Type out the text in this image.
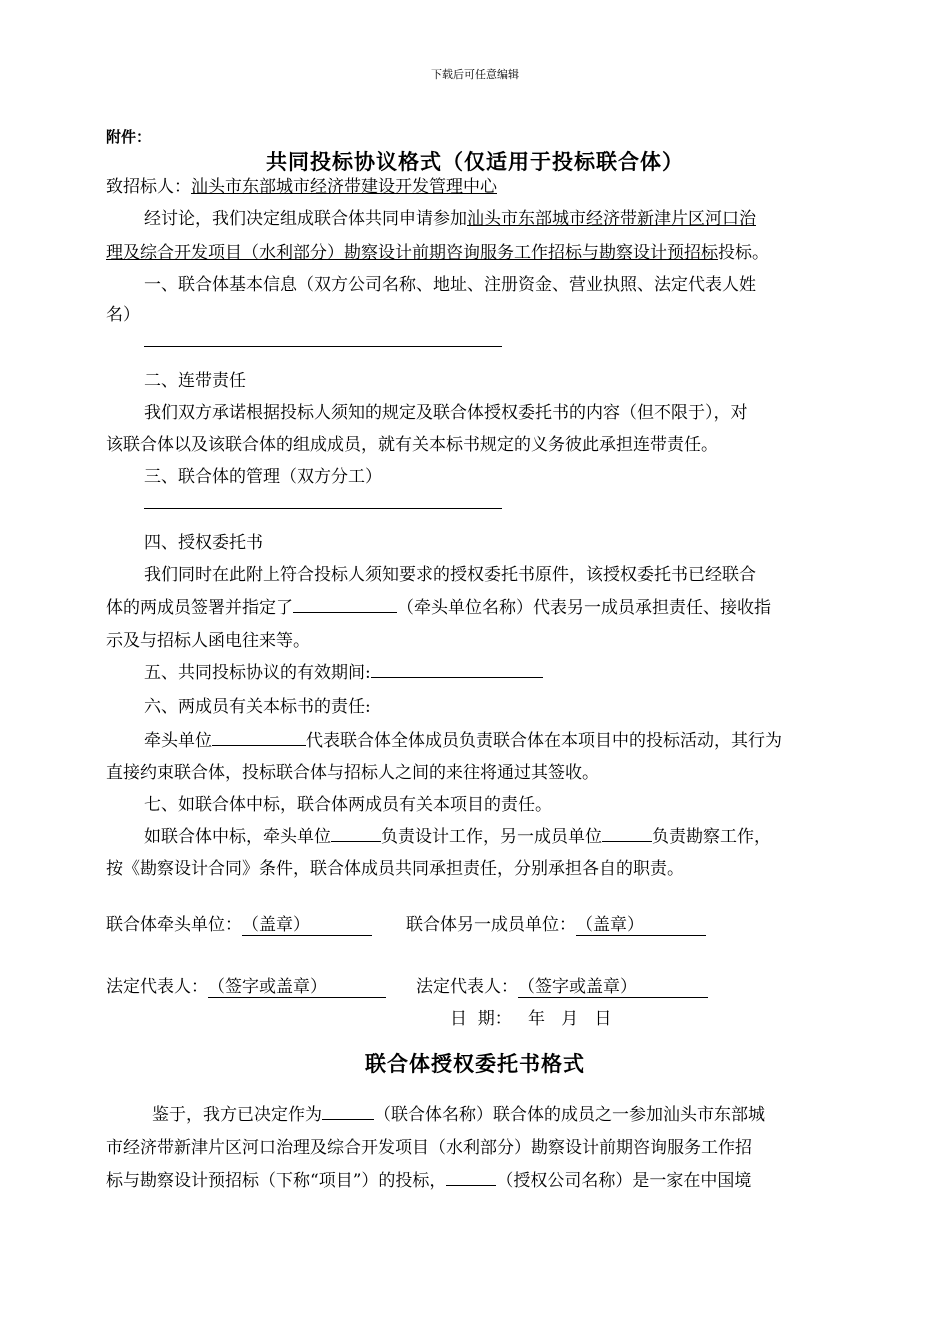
下载后可任意编辑
附件：
共同投标协议格式（仅适用于投标联合体）
致招标人：汕头市东部城市经济带建设开发管理中心
经讨论，我们决定组成联合体共同申请参加汕头市东部城市经济带新津片区河口治
理及综合开发项目（水利部分）勘察设计前期咨询服务工作招标与勘察设计预招标投标。
一、联合体基本信息（双方公司名称、地址、注册资金、营业执照、法定代表人姓
名）
二、连带责任
我们双方承诺根据投标人须知的规定及联合体授权委托书的内容（但不限于），对
该联合体以及该联合体的组成成员，就有关本标书规定的义务彼此承担连带责任。
三、联合体的管理（双方分工）
四、授权委托书
我们同时在此附上符合投标人须知要求的授权委托书原件，该授权委托书已经联合
体的两成员签署并指定了	（牵头单位名称）代表另一成员承担责任、接收指
示及与招标人函电往来等。
五、共同投标协议的有效期间:
六、两成员有关本标书的责任:
牵头单位	代表联合体全体成员负责联合体在本项目中的投标活动，其行为
直接约束联合体，投标联合体与招标人之间的来往将通过其签收。
七、如联合体中标，联合体两成员有关本项目的责任。
如联合体中标，牵头单位	负责设计工作，另一成员单位	负责勘察工作，
按《勘察设计合同》条件，联合体成员共同承担责任，分别承担各自的职责。
联合体牵头单位：（盖章）	联合体另一成员单位：（盖章）
法定代表人：（签字或盖章）	法定代表人：（签字或盖章）
日  期：   年   月   日
联合体授权委托书格式
鉴于，我方已决定作为	（联合体名称）联合体的成员之一参加汕头市东部城
市经济带新津片区河口治理及综合开发项目（水利部分）勘察设计前期咨询服务工作招
标与勘察设计预招标（下称“项目”）的投标，	（授权公司名称）是一家在中国境
